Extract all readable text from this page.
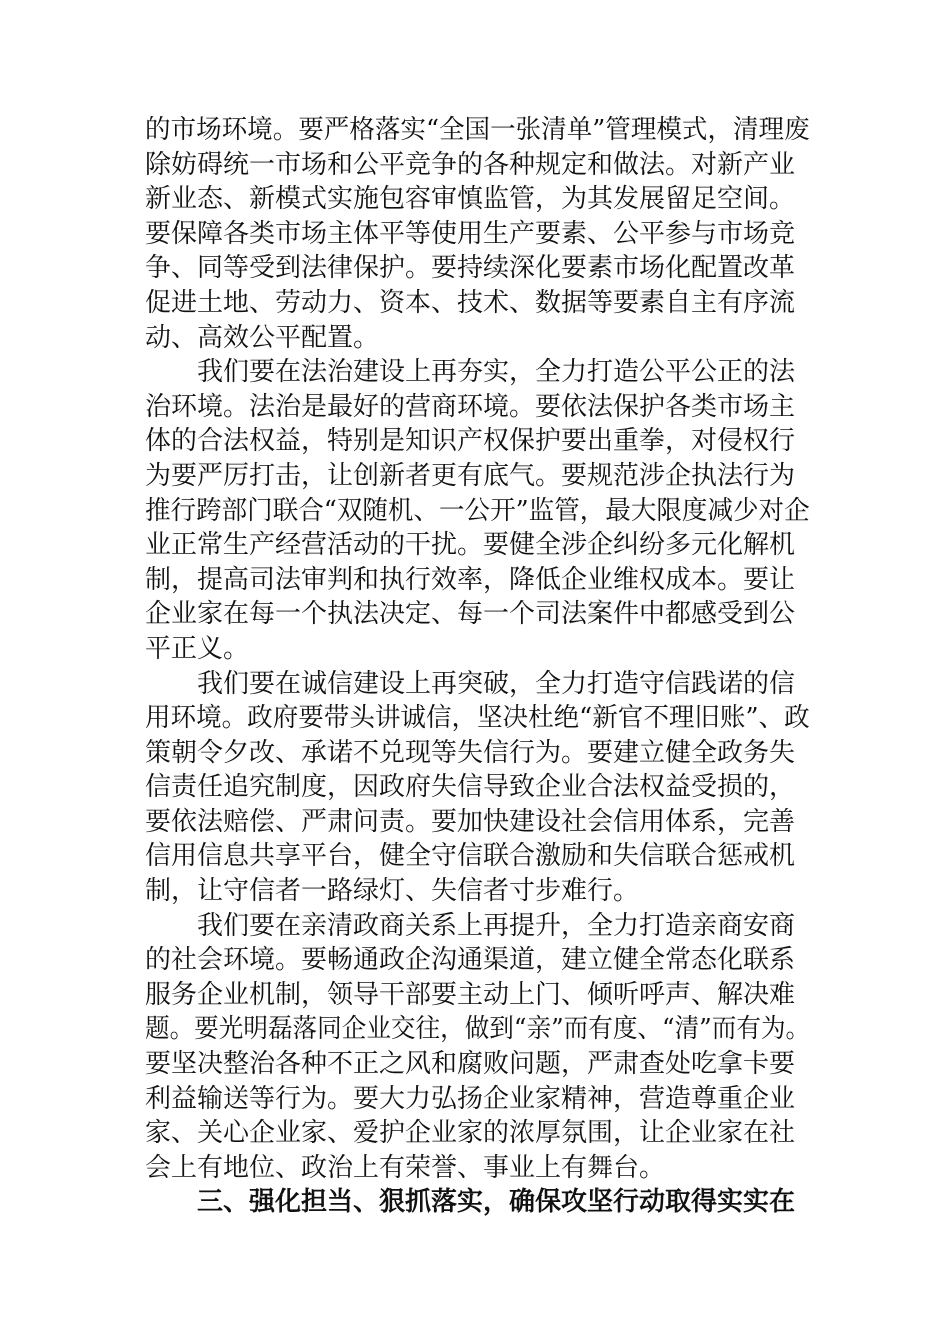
的市场环境。要严格落实“全国一张清单”管理模式，清理废
除妨碍统一市场和公平竞争的各种规定和做法。对新产业
新业态、新模式实施包容审慎监管，为其发展留足空间。
要保障各类市场主体平等使用生产要素、公平参与市场竞
争、同等受到法律保护。要持续深化要素市场化配置改革
促进土地、劳动力、资本、技术、数据等要素自主有序流
动、高效公平配置。
　　我们要在法治建设上再夯实，全力打造公平公正的法
治环境。法治是最好的营商环境。要依法保护各类市场主
体的合法权益，特别是知识产权保护要出重拳，对侵权行
为要严厉打击，让创新者更有底气。要规范涉企执法行为
推行跨部门联合“双随机、一公开”监管，最大限度减少对企
业正常生产经营活动的干扰。要健全涉企纠纷多元化解机
制，提高司法审判和执行效率，降低企业维权成本。要让
企业家在每一个执法决定、每一个司法案件中都感受到公
平正义。
　　我们要在诚信建设上再突破，全力打造守信践诺的信
用环境。政府要带头讲诚信，坚决杜绝“新官不理旧账”、政
策朝令夕改、承诺不兑现等失信行为。要建立健全政务失
信责任追究制度，因政府失信导致企业合法权益受损的，
要依法赔偿、严肃问责。要加快建设社会信用体系，完善
信用信息共享平台，健全守信联合激励和失信联合惩戒机
制，让守信者一路绿灯、失信者寸步难行。
　　我们要在亲清政商关系上再提升，全力打造亲商安商
的社会环境。要畅通政企沟通渠道，建立健全常态化联系
服务企业机制，领导干部要主动上门、倾听呼声、解决难
题。要光明磊落同企业交往，做到“亲”而有度、“清”而有为。
要坚决整治各种不正之风和腐败问题，严肃查处吃拿卡要
利益输送等行为。要大力弘扬企业家精神，营造尊重企业
家、关心企业家、爱护企业家的浓厚氛围，让企业家在社
会上有地位、政治上有荣誉、事业上有舞台。
　　三、强化担当、狠抓落实，确保攻坚行动取得实实在
